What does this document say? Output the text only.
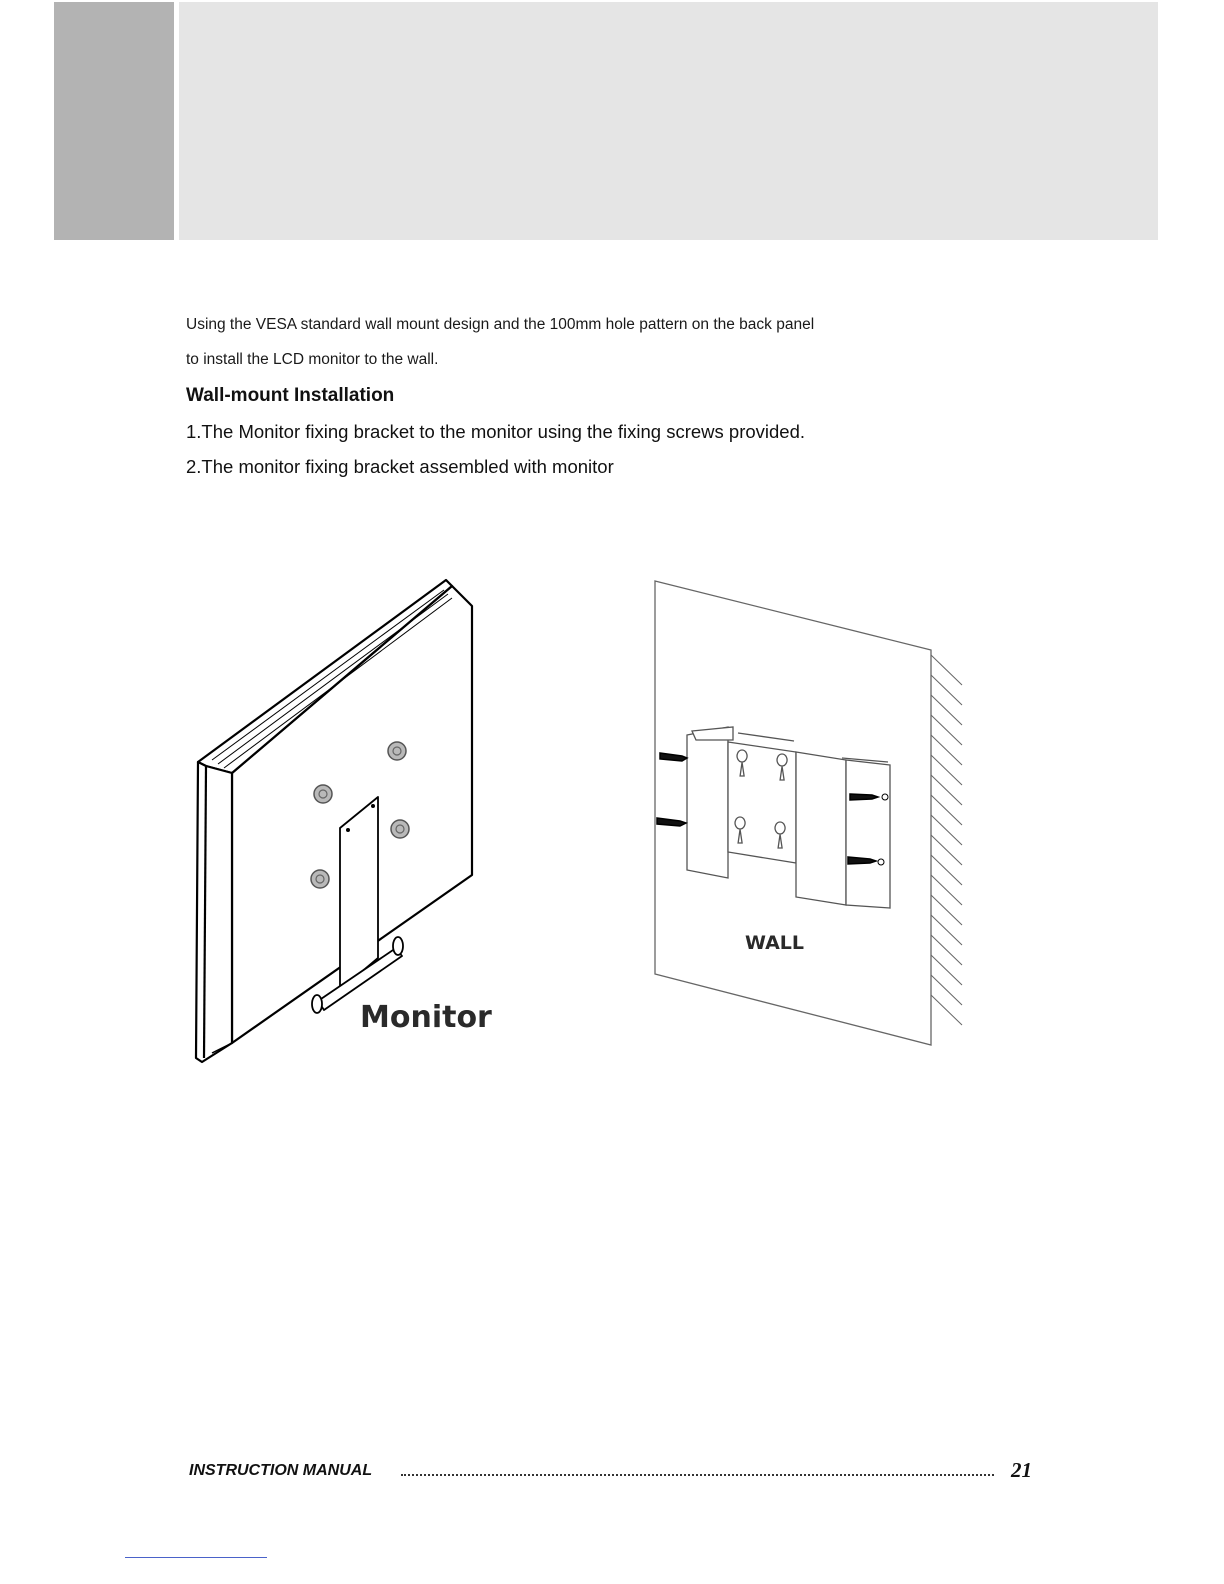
Using the VESA standard wall mount design and the 100mm hole pattern on the back panel
to install the LCD monitor to the wall.
Wall-mount Installation
1.The Monitor fixing bracket to the monitor using the fixing screws provided.
2.The monitor fixing bracket assembled with monitor
Monitor
WALL
INSTRUCTION MANUAL	21
